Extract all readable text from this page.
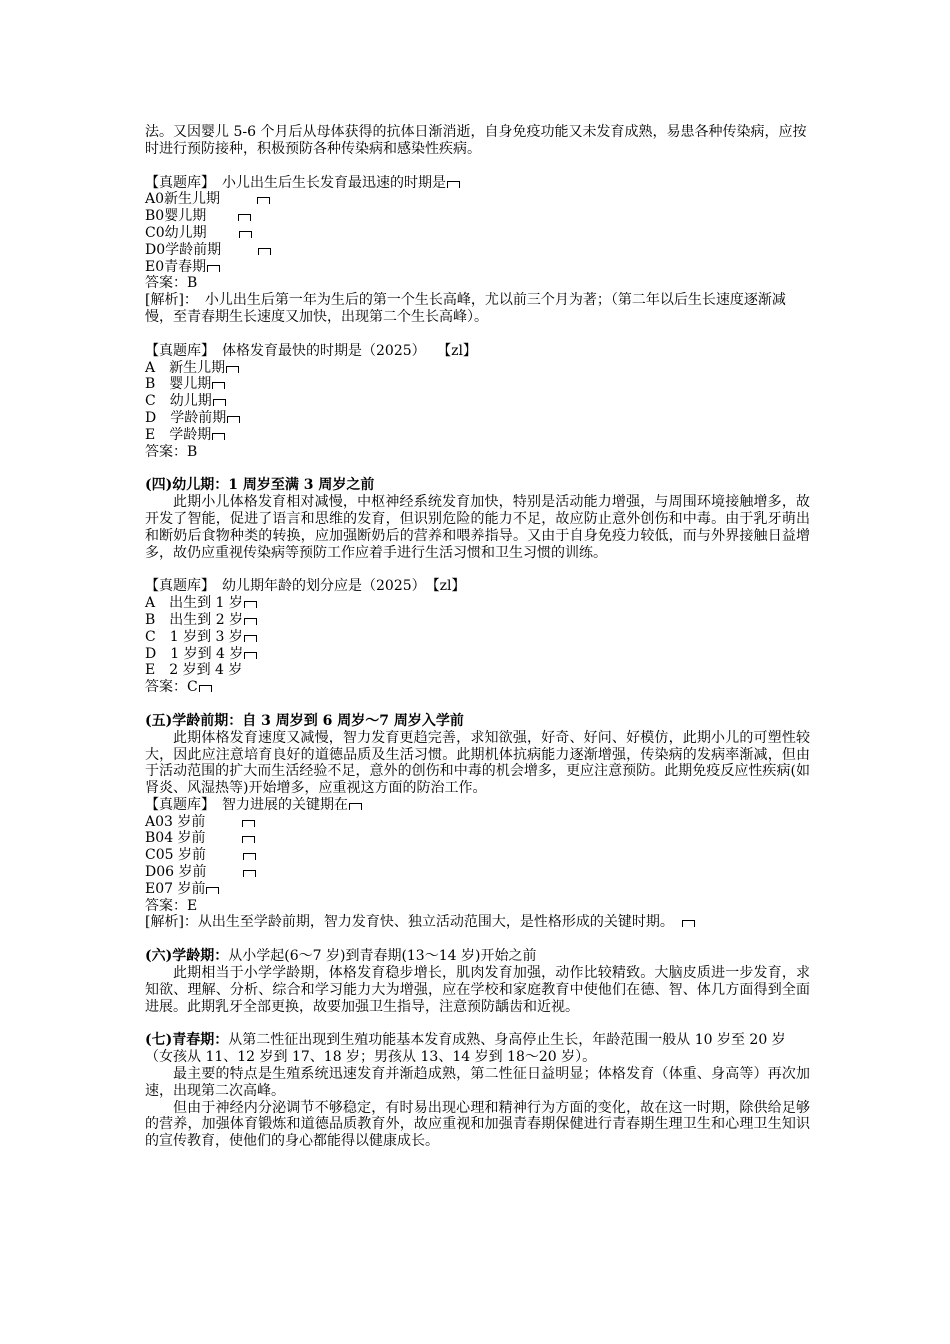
法。又因婴儿 5-6 个月后从母体获得的抗体日渐消逝，自身免疫功能又未发育成熟，易患各种传染病，应按时进行预防接种，积极预防各种传染病和感染性疾病。

【真题库】　小儿出生后生长发育最迅速的时期是

A0新生儿期

B0婴儿期

C0幼儿期

D0学龄前期

E0青春期

答案：B

[解析]：　小儿出生后第一年为生后的第一个生长高峰，尤以前三个月为著；（第二年以后生长速度逐渐减慢，至青春期生长速度又加快，出现第二个生长高峰）。

【真题库】　体格发育最快的时期是（2025）　 【zl】

A　新生儿期

B　婴儿期

C　幼儿期

D　学龄前期

E　学龄期

答案：B

(四)幼儿期：1 周岁至满 3 周岁之前

此期小儿体格发育相对减慢，中枢神经系统发育加快，特别是活动能力增强，与周围环境接触增多，故开发了智能，促进了语言和思维的发育，但识别危险的能力不足，故应防止意外创伤和中毒。由于乳牙萌出和断奶后食物种类的转换，应加强断奶后的营养和喂养指导。又由于自身免疫力较低，而与外界接触日益增多，故仍应重视传染病等预防工作应着手进行生活习惯和卫生习惯的训练。

【真题库】　幼儿期年龄的划分应是（2025）　【zl】

A　出生到 1 岁

B　出生到 2 岁

C　1 岁到 3 岁

D　1 岁到 4 岁

E　2 岁到 4 岁

答案：C

(五)学龄前期：自 3 周岁到 6 周岁～7 周岁入学前

此期体格发育速度又减慢，智力发育更趋完善，求知欲强，好奇、好问、好模仿，此期小儿的可塑性较大，因此应注意培育良好的道德品质及生活习惯。此期机体抗病能力逐渐增强，传染病的发病率渐减，但由于活动范围的扩大而生活经验不足，意外的创伤和中毒的机会增多，更应注意预防。此期免疫反应性疾病(如肾炎、风湿热等)开始增多，应重视这方面的防治工作。

【真题库】　智力进展的关键期在

A03 岁前

B04 岁前

C05 岁前

D06 岁前

E07 岁前

答案：E

[解析]：从出生至学龄前期，智力发育快、独立活动范围大，是性格形成的关键时期。　

(六)学龄期：从小学起(6～7 岁)到青春期(13～14 岁)开始之前

此期相当于小学学龄期，体格发育稳步增长，肌肉发育加强，动作比较精致。大脑皮质进一步发育，求知欲、理解、分析、综合和学习能力大为增强，应在学校和家庭教育中使他们在德、智、体几方面得到全面进展。此期乳牙全部更换，故要加强卫生指导，注意预防龋齿和近视。

(七)青春期：从第二性征出现到生殖功能基本发育成熟、身高停止生长，年龄范围一般从 10 岁至 20 岁（女孩从 11、12 岁到 17、18 岁；男孩从 13、14 岁到 18～20 岁）。

最主要的特点是生殖系统迅速发育并渐趋成熟，第二性征日益明显；体格发育（体重、身高等）再次加速，出现第二次高峰。

但由于神经内分泌调节不够稳定，有时易出现心理和精神行为方面的变化，故在这一时期，除供给足够的营养，加强体育锻炼和道德品质教育外，故应重视和加强青春期保健进行青春期生理卫生和心理卫生知识的宣传教育，使他们的身心都能得以健康成长。
